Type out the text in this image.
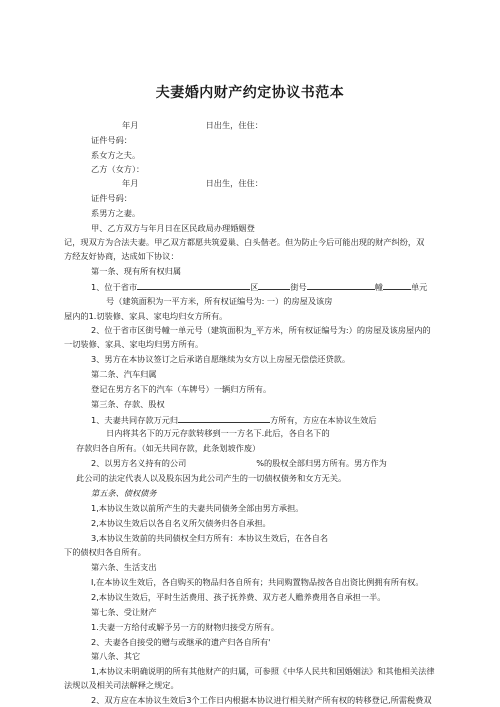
夫妻婚内财产约定协议书范本
年月	日出生，住住：
证件号码：
系女方之夫。
乙方（女方）：
年月	日出生，住住：
证件号码：
系男方之妻。
甲、乙方双方与年月日在区民政局办理婚姻登
记，现双方为合法夫妻。甲乙双方都愿共筑爱巢、白头偕老。但为防止今后可能出现的财产纠纷，双
方经友好协商，达成如下协议：
第一条、现有所有权归属
1、位于省市	区	街号	幢	单元
号（建筑面积为一平方米，所有权证编号为: 一）的房屋及该房
屋内的1.切装修、家具、家电均归女方所有。
2、位于省市区街号幢一单元号（建筑面积为_平方米，所有权证编号为:）的房屋及该房屋内的
一切装修、家具、家电均归男方所有。
3、男方在本协议签订之后承诺自愿继续为女方以上房屋无偿偿还贷款。
第二条、汽车归属
登记在男方名下的汽车（车牌号）一辆归方所有。
第三条、存款、股权
1、夫妻共同存款万元归	方所有，方应在本协议生效后
日内将其名下的万元存款转移到一一方名下.此后，各自名下的
存款归各自所有。（如无共同存款，此条划坡作废）
2、以男方名义持有的公司	%的股权全部归男方所有。男方作为
此公司的法定代表人以及股东因为此公司产生的一切债权债务和女方无关。
第五条、债权债务
1,本协议生效以前所产生的夫妻共同债务全部由男方承担。
2,本协议生效后以各自名义所欠债务归各自承担。
3,本协议生效前的共同债权全归方所有：本协议生效后，在各自名
下的债权归各自所有。
第六条、生活支出
I,在本协议生效后，各自购买的物品归各自所有；共同购置物品按各自出资比例拥有所有权。
2,本协议生效后，平时生活费用、孩子抚养费、双方老人赡养费用各自承担一半。
第七条、受让财产
1.夫妻一方给付或解予另一方的财物归接受方所有。
2、夫妻各自接受的赠与或继承的遗产归各自所有'
第八条、其它
1,本协议未明确说明的所有其他财产的归属，可参照《中华人民共和国婚姻法》和其他相关法律
法规以及相关司法解释之规定。
2、双方应在本协议生效后3个工作日内根据本协议进行相关财产所有权的转移登记,所需税费双
